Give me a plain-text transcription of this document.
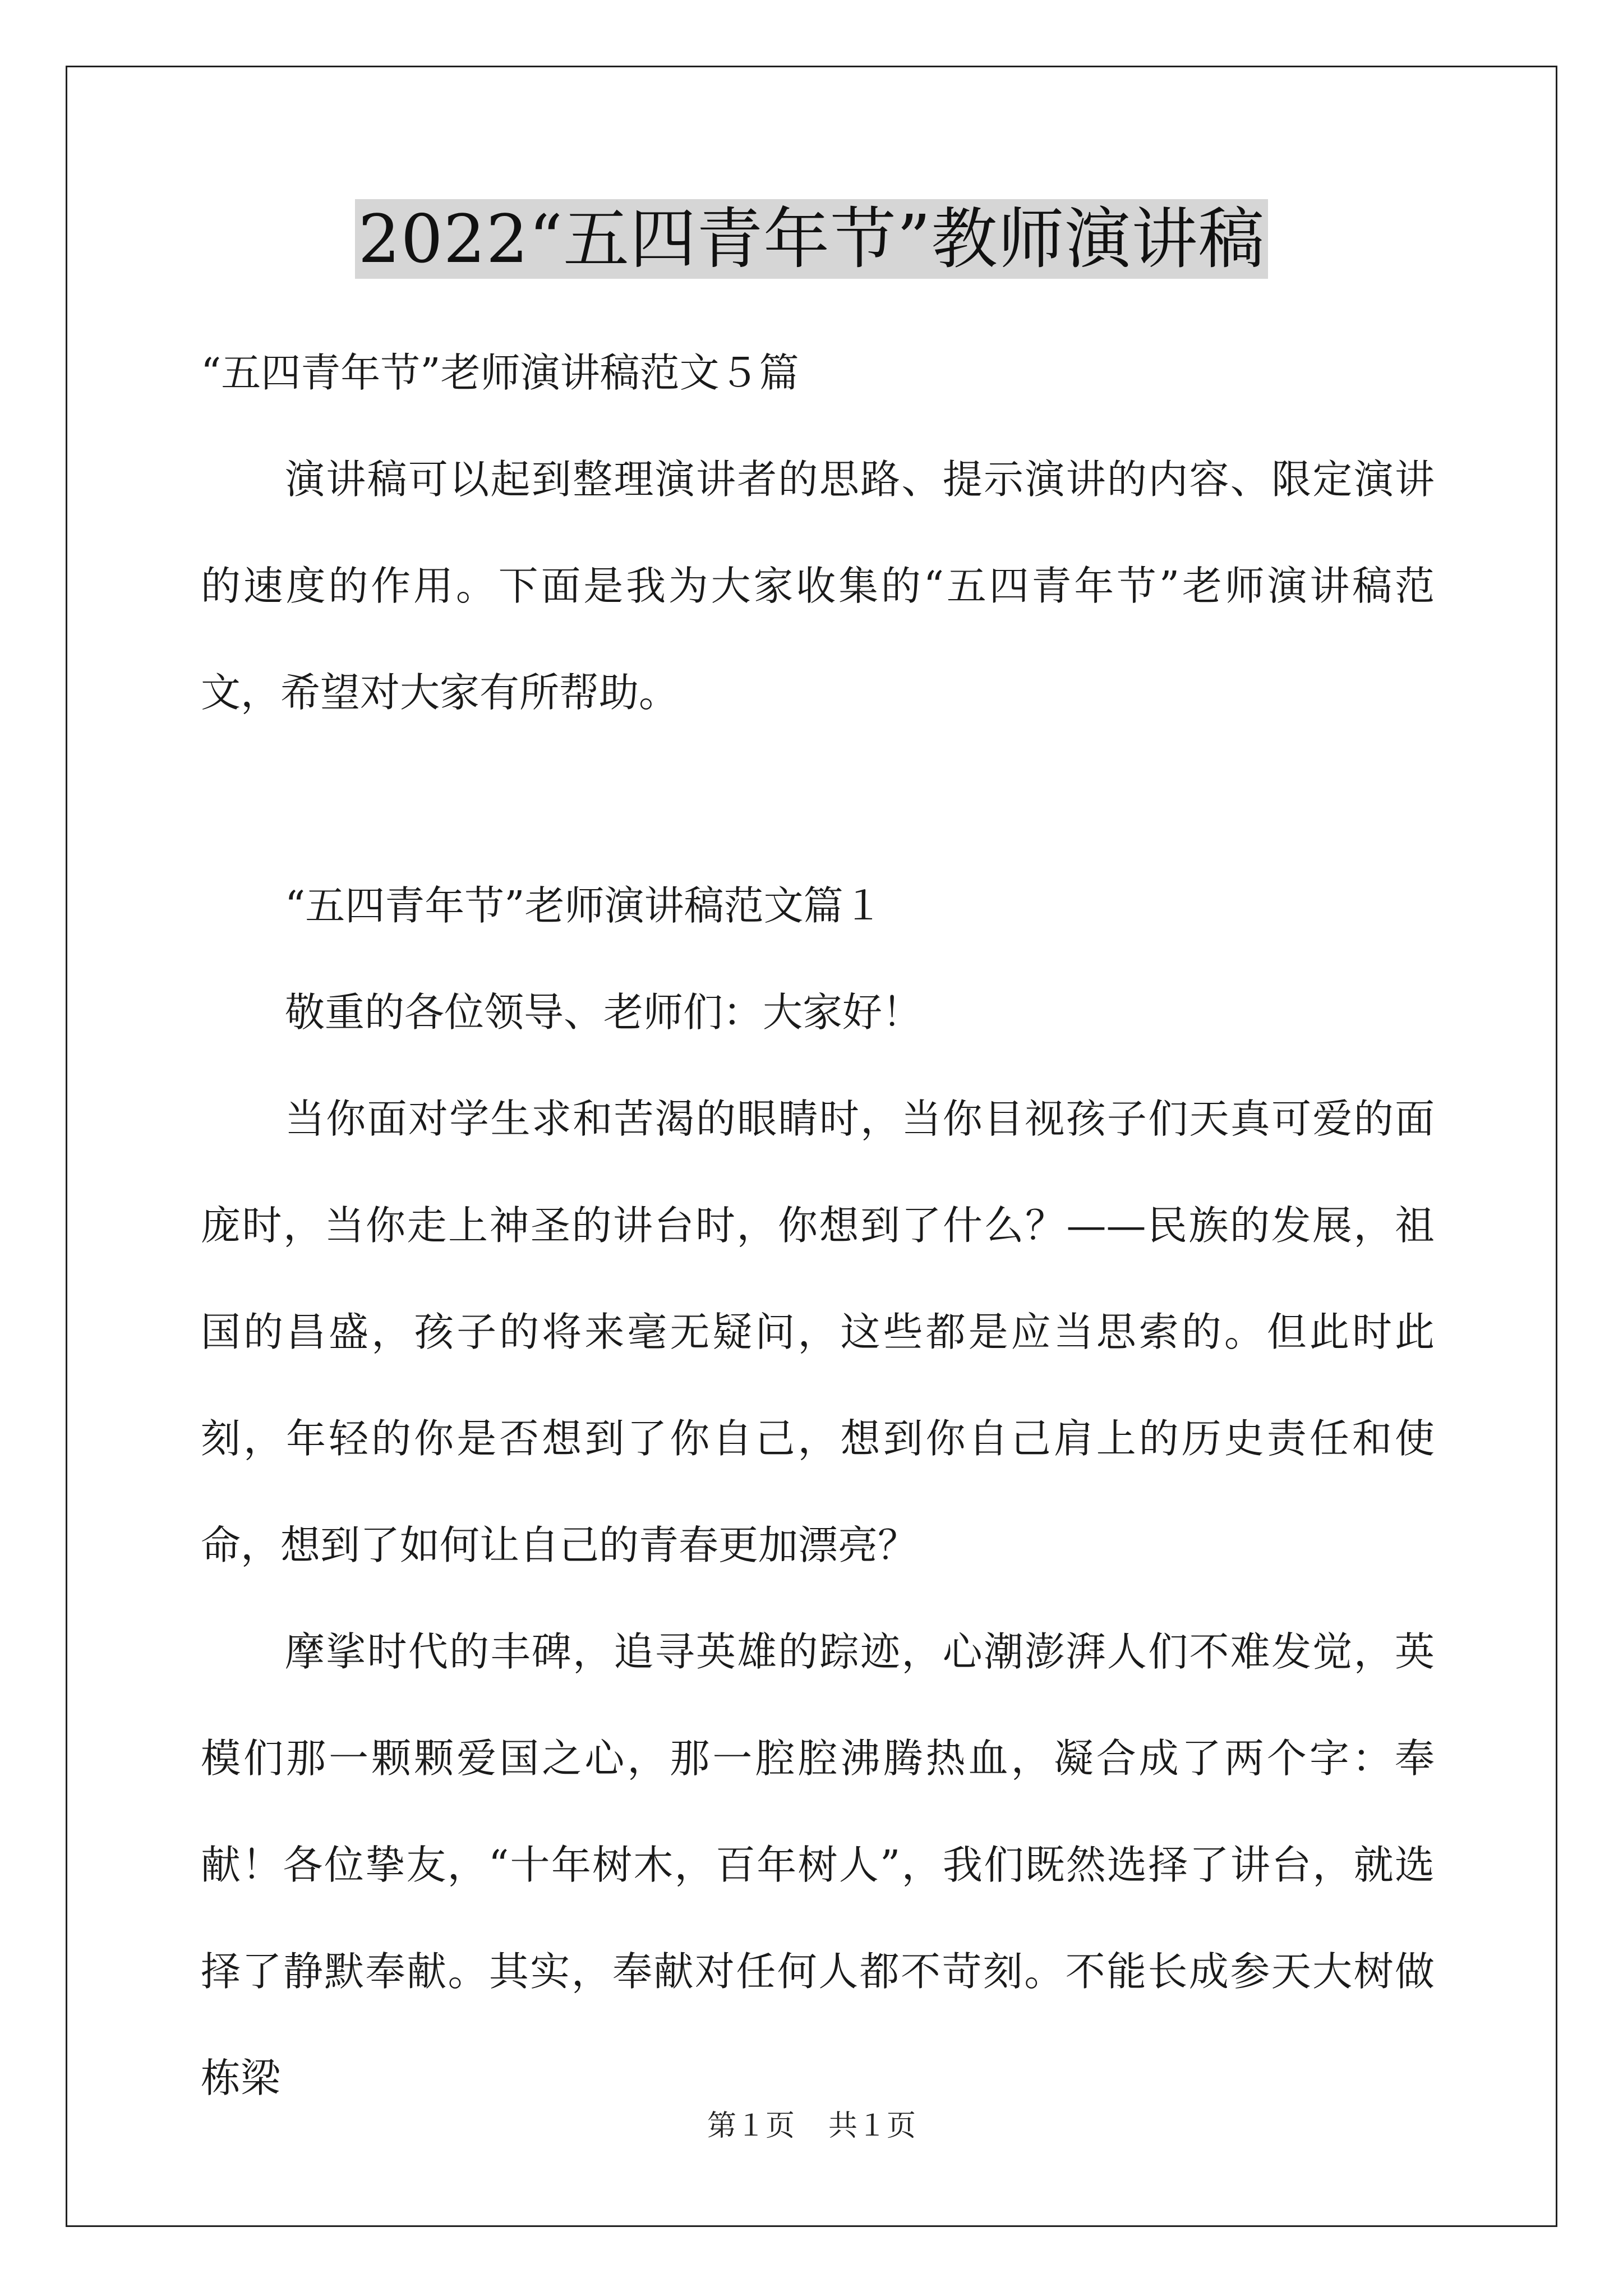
2022“五四青年节”教师演讲稿

“五四青年节”老师演讲稿范文５篇

演讲稿可以起到整理演讲者的思路、提示演讲的内容、限定演讲的速度的作用。下面是我为大家收集的“五四青年节”老师演讲稿范文，希望对大家有所帮助。

“五四青年节”老师演讲稿范文篇１

敬重的各位领导、老师们：大家好！

当你面对学生求和苦渴的眼睛时，当你目视孩子们天真可爱的面庞时，当你走上神圣的讲台时，你想到了什么？——民族的发展，祖国的昌盛，孩子的将来毫无疑问，这些都是应当思索的。但此时此刻，年轻的你是否想到了你自己，想到你自己肩上的历史责任和使命，想到了如何让自己的青春更加漂亮？

摩挲时代的丰碑，追寻英雄的踪迹，心潮澎湃人们不难发觉，英模们那一颗颗爱国之心，那一腔腔沸腾热血，凝合成了两个字：奉献！各位挚友，“十年树木，百年树人”，我们既然选择了讲台，就选择了静默奉献。其实，奉献对任何人都不苛刻。不能长成参天大树做栋梁

第１页 共１页
